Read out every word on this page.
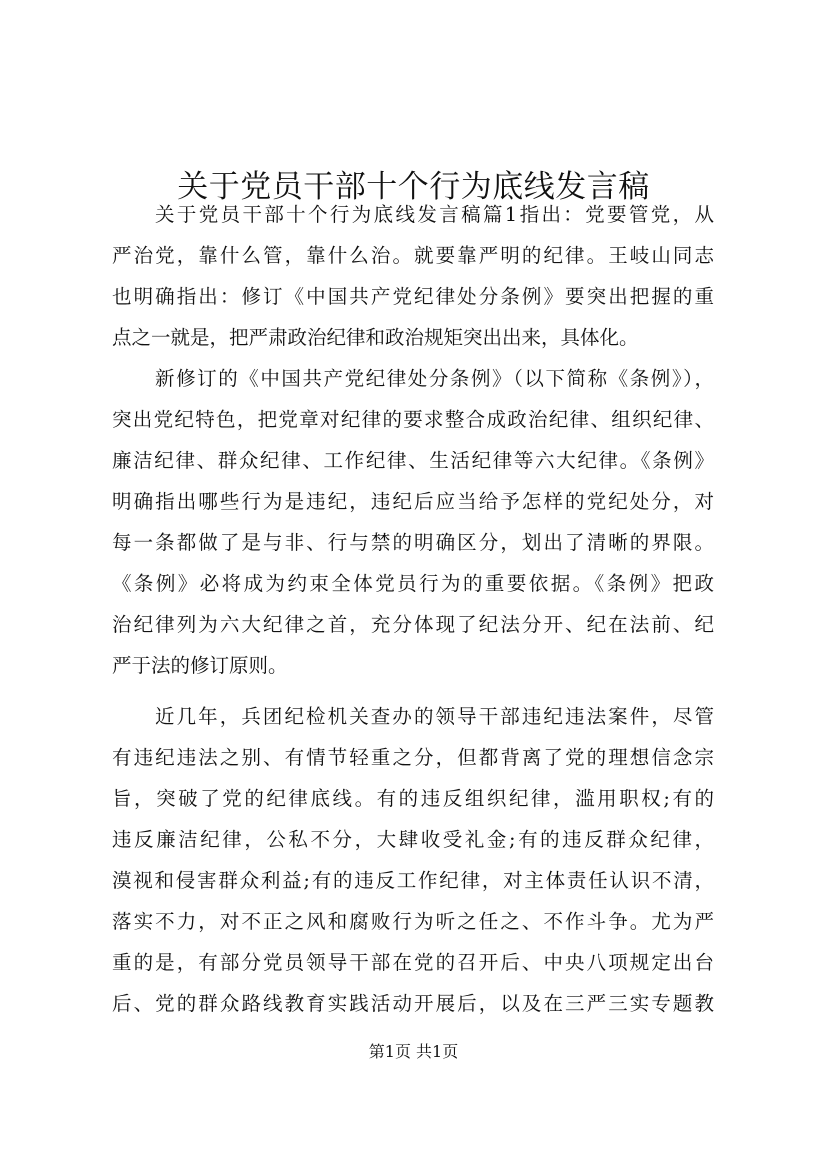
关于党员干部十个行为底线发言稿
关于党员干部十个行为底线发言稿篇1指出：党要管党，从
严治党，靠什么管，靠什么治。就要靠严明的纪律。王岐山同志
也明确指出：修订《中国共产党纪律处分条例》要突出把握的重
点之一就是，把严肃政治纪律和政治规矩突出出来，具体化。
新修订的《中国共产党纪律处分条例》（以下简称《条例》），
突出党纪特色，把党章对纪律的要求整合成政治纪律、组织纪律、
廉洁纪律、群众纪律、工作纪律、生活纪律等六大纪律。《条例》
明确指出哪些行为是违纪，违纪后应当给予怎样的党纪处分，对
每一条都做了是与非、行与禁的明确区分，划出了清晰的界限。
《条例》必将成为约束全体党员行为的重要依据。《条例》把政
治纪律列为六大纪律之首，充分体现了纪法分开、纪在法前、纪
严于法的修订原则。
近几年，兵团纪检机关查办的领导干部违纪违法案件，尽管
有违纪违法之别、有情节轻重之分，但都背离了党的理想信念宗
旨，突破了党的纪律底线。有的违反组织纪律，滥用职权;有的
违反廉洁纪律，公私不分，大肆收受礼金;有的违反群众纪律，
漠视和侵害群众利益;有的违反工作纪律，对主体责任认识不清，
落实不力，对不正之风和腐败行为听之任之、不作斗争。尤为严
重的是，有部分党员领导干部在党的召开后、中央八项规定出台
后、党的群众路线教育实践活动开展后，以及在三严三实专题教
第1页 共1页
